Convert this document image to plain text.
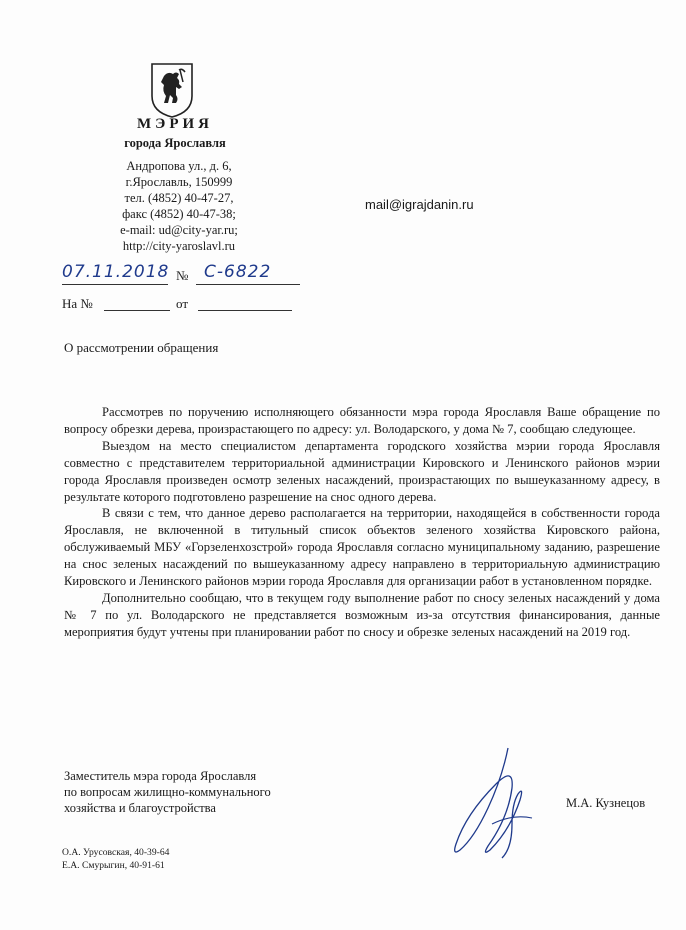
МЭРИЯ
города Ярославля
Андропова ул., д. 6,
г.Ярославль, 150999
тел. (4852) 40-47-27,
факс (4852) 40-47-38;
e-mail: ud@city-yar.ru;
http://city-yaroslavl.ru
mail@igrajdanin.ru
07.11.2018 № С-6822
На №	от
О рассмотрении обращения

Рассмотрев по поручению исполняющего обязанности мэра города Ярославля Ваше обращение по вопросу обрезки дерева, произрастающего по адресу: ул. Володарского, у дома № 7, сообщаю следующее.

Выездом на место специалистом департамента городского хозяйства мэрии города Ярославля совместно с представителем территориальной администрации Кировского и Ленинского районов мэрии города Ярославля произведен осмотр зеленых насаждений, произрастающих по вышеуказанному адресу, в результате которого подготовлено разрешение на снос одного дерева.

В связи с тем, что данное дерево располагается на территории, находящейся в собственности города Ярославля, не включенной в титульный список объектов зеленого хозяйства Кировского района, обслуживаемый МБУ «Горзеленхозстрой» города Ярославля согласно муниципальному заданию, разрешение на снос зеленых насаждений по вышеуказанному адресу направлено в территориальную администрацию Кировского и Ленинского районов мэрии города Ярославля для организации работ в установленном порядке.

Дополнительно сообщаю, что в текущем году выполнение работ по сносу зеленых насаждений у дома № 7 по ул. Володарского не представляется возможным из-за отсутствия финансирования, данные мероприятия будут учтены при планировании работ по сносу и обрезке зеленых насаждений на 2019 год.

Заместитель мэра города Ярославля
по вопросам жилищно-коммунального
хозяйства и благоустройства	М.А. Кузнецов
О.А. Урусовская, 40-39-64
Е.А. Смурыгин, 40-91-61
